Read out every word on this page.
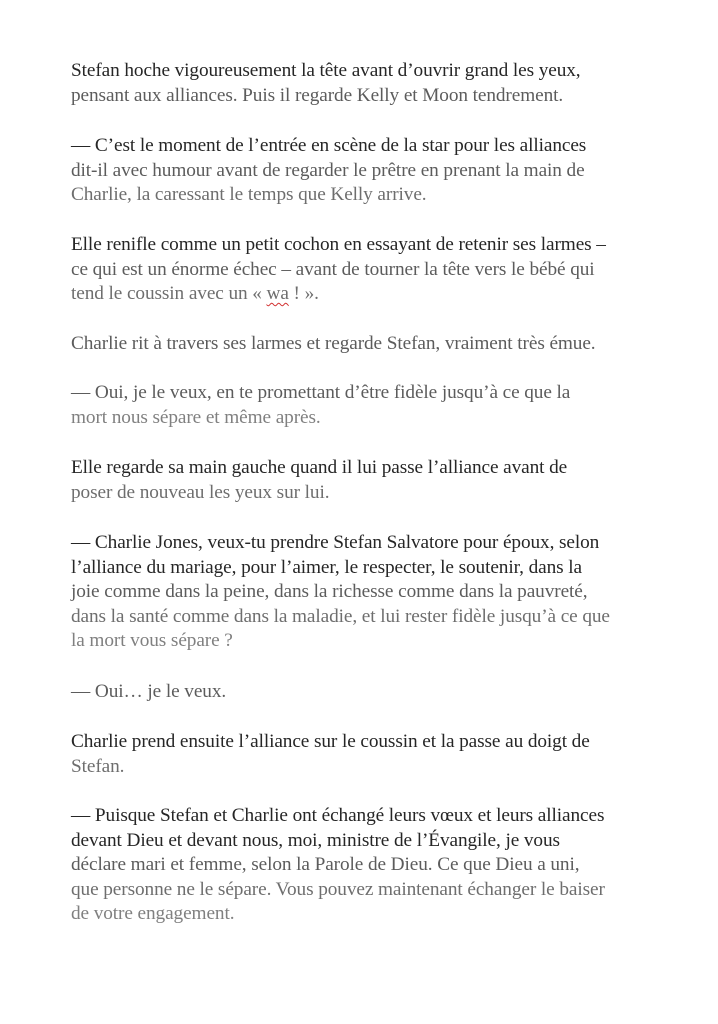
Stefan hoche vigoureusement la tête avant d’ouvrir grand les yeux,
pensant aux alliances. Puis il regarde Kelly et Moon tendrement.

— C’est le moment de l’entrée en scène de la star pour les alliances
dit-il avec humour avant de regarder le prêtre en prenant la main de
Charlie, la caressant le temps que Kelly arrive.

Elle renifle comme un petit cochon en essayant de retenir ses larmes –
ce qui est un énorme échec – avant de tourner la tête vers le bébé qui
tend le coussin avec un « wa ! ».

Charlie rit à travers ses larmes et regarde Stefan, vraiment très émue.

— Oui, je le veux, en te promettant d’être fidèle jusqu’à ce que la
mort nous sépare et même après.

Elle regarde sa main gauche quand il lui passe l’alliance avant de
poser de nouveau les yeux sur lui.

— Charlie Jones, veux-tu prendre Stefan Salvatore pour époux, selon
l’alliance du mariage, pour l’aimer, le respecter, le soutenir, dans la
joie comme dans la peine, dans la richesse comme dans la pauvreté,
dans la santé comme dans la maladie, et lui rester fidèle jusqu’à ce que
la mort vous sépare ?

— Oui… je le veux.

Charlie prend ensuite l’alliance sur le coussin et la passe au doigt de
Stefan.

— Puisque Stefan et Charlie ont échangé leurs vœux et leurs alliances
devant Dieu et devant nous, moi, ministre de l’Évangile, je vous
déclare mari et femme, selon la Parole de Dieu. Ce que Dieu a uni,
que personne ne le sépare. Vous pouvez maintenant échanger le baiser
de votre engagement.
